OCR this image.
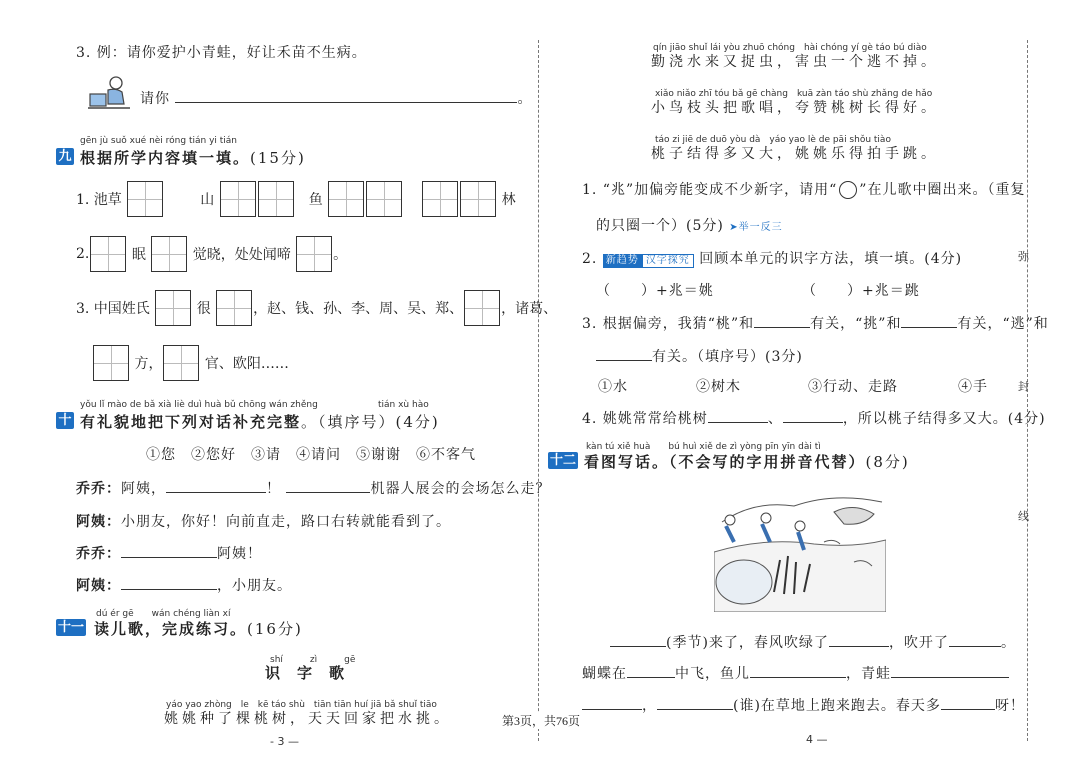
弥
封
线
3. 例：请你爱护小青蛙，好让禾苗不生病。
请你	。
gēn jù suǒ xué nèi róng tián yi tián
九 根据所学内容填一填。(15分)
1. 池草
	山
	鱼

	林
2.
	眠

	觉晓，处处闻啼
	。
3. 中国姓氏

	很
	，赵、钱、孙、李、周、吴、郑、	，诸葛、

方，
	官、欧阳……
yǒu lǐ mào de bǎ xià liè duì huà bǔ chōng wán zhěng	tián xù hào
十 有礼貌地把下列对话补充完整。（填序号）(4分)
①您　②您好　③请　④请问　⑤谢谢　⑥不客气
乔乔：阿姨，	！	机器人展会的会场怎么走？
阿姨：小朋友，你好！向前直走，路口右转就能看到了。
乔乔：	阿姨！
阿姨：	，小朋友。
dú ér gē　　wán chéng liàn xí
十一 读儿歌，完成练习。(16分)
shí　　　zì　　　gē
识　字　歌
yáo yao zhòng　le　kē táo shù　tiān tiān huí jiā bǎ shuǐ tiāo
姚姚种了棵桃树，天天回家把水挑。
- 3 —
qín jiāo shuǐ lái yòu zhuō chóng　hài chóng yí gè táo bú diào
勤浇水来又捉虫，害虫一个逃不掉。
xiǎo niǎo zhī tóu bǎ gē chàng　kuā zàn táo shù zhǎng de hǎo
小鸟枝头把歌唱，夸赞桃树长得好。
táo zi jiē de duō yòu dà　yáo yao lè de pāi shǒu tiào
桃子结得多又大，姚姚乐得拍手跳。
1. “兆”加偏旁能变成不少新字，请用“ ”在儿歌中圈出来。（重复
的只圈一个）(5分) ➤举一反三
2. 新趋势 汉字探究 回顾本单元的识字方法，填一填。(4分)
（　　）+兆＝姚	（　　）+兆＝跳
3. 根据偏旁，我猜“桃”和	有关，“挑”和	有关，“逃”和
有关。（填序号）(3分)
①水	②树木	③行动、走路	④手
4. 姚姚常常给桃树	、	，所以桃子结得多又大。(4分)
kàn tú xiě huà　　bú huì xiě de zì yòng pīn yīn dài tì
十二 看图写话。（不会写的字用拼音代替）(8分)
(季节)来了，春风吹绿了	，吹开了	。
蝴蝶在	中飞，鱼儿	，青蛙
，	(谁)在草地上跑来跑去。春天多	呀！
4 —
第3页，共76页
